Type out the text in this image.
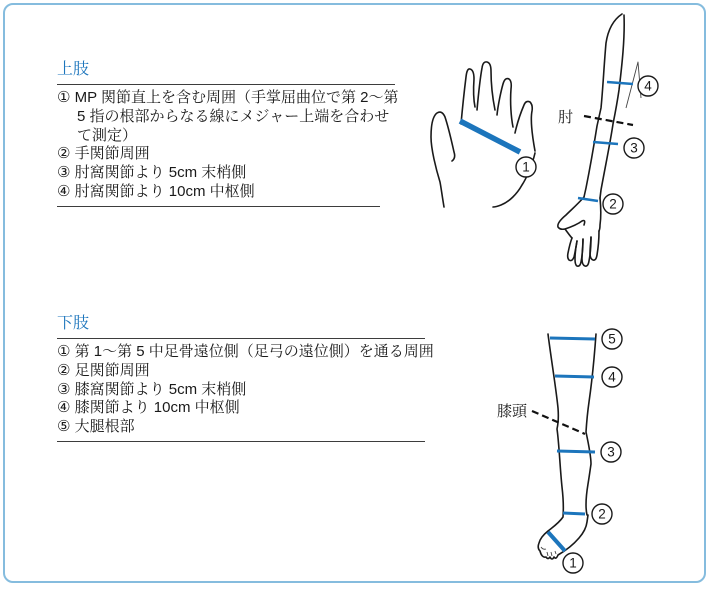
上肢
① MP 関節直上を含む周囲（手掌屈曲位で第 2～第 5 指の根部からなる線にメジャー上端を合わせて測定）
② 手関節周囲
③ 肘窩関節より 5cm 末梢側
④ 肘窩関節より 10cm 中枢側
下肢
① 第 1～第 5 中足骨遠位側（足弓の遠位側）を通る周囲
② 足関節周囲
③ 膝窩関節より 5cm 末梢側
④ 膝関節より 10cm 中枢側
⑤ 大腿根部
1
肘
4
3
2
膝頭
5
4
3
2
1
